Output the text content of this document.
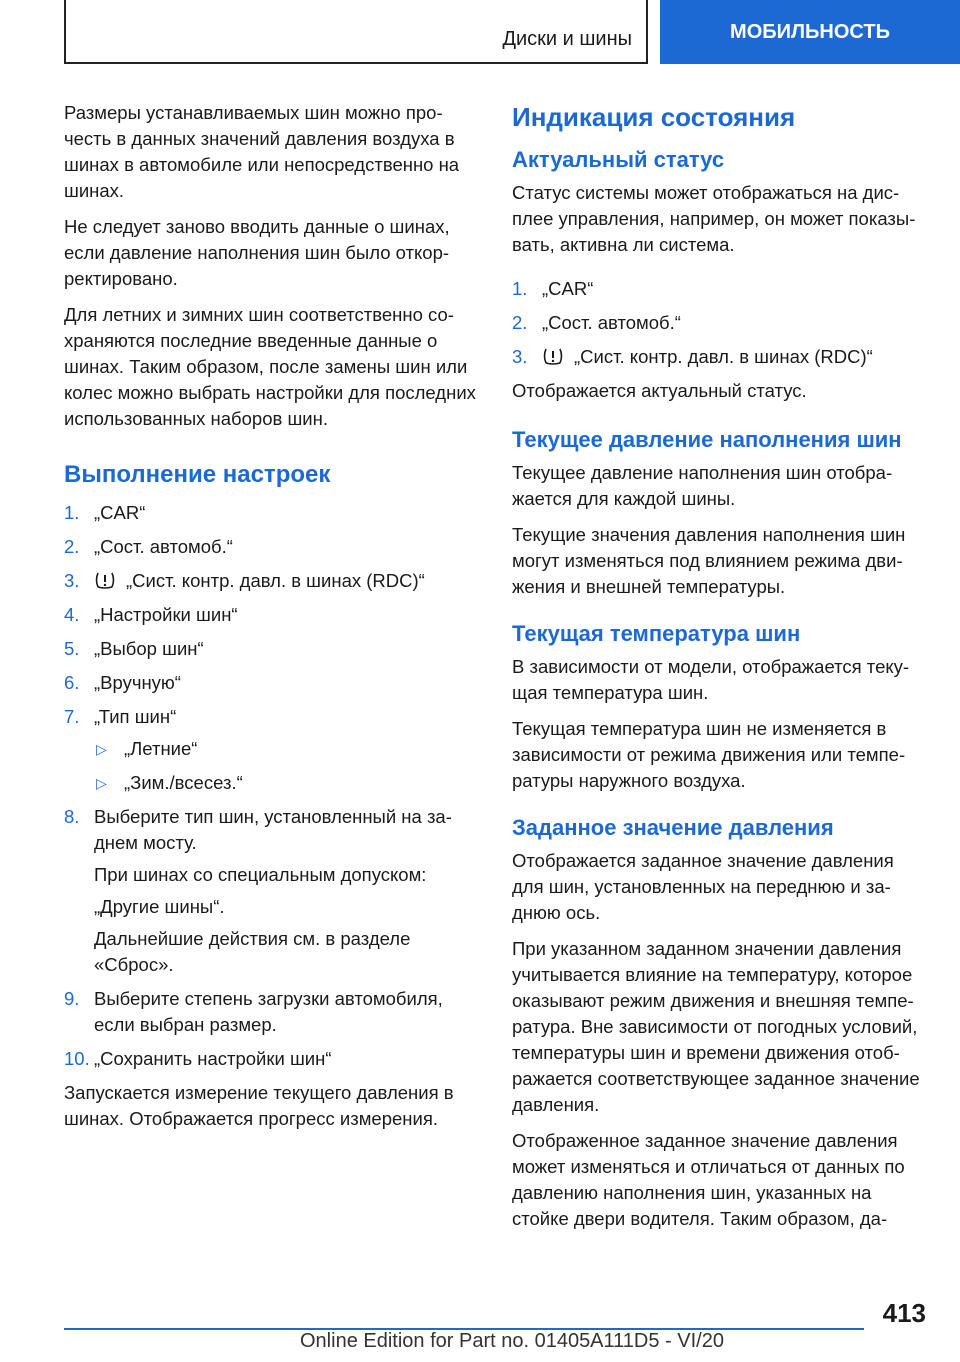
Диски и шины	МОБИЛЬНОСТЬ

Размеры устанавливаемых шин можно прочесть в данных значений давления воздуха в шинах в автомобиле или непосредственно на шинах.

Не следует заново вводить данные о шинах, если давление наполнения шин было откорректировано.

Для летних и зимних шин соответственно сохраняются последние введенные данные о шинах. Таким образом, после замены шин или колес можно выбрать настройки для последних использованных наборов шин.

Выполнение настроек
1. „CAR“
2. „Сост. автомоб.“
3.	„Сист. контр. давл. в шинах (RDC)“
4. „Настройки шин“
5. „Выбор шин“
6. „Вручную“
7. „Тип шин“
▷ „Летние“
▷ „Зим./всесез.“
8. Выберите тип шин, установленный на заднем мосту.
При шинах со специальным допуском:
„Другие шины“.
Дальнейшие действия см. в разделе «Сброс».
9. Выберите степень загрузки автомобиля, если выбран размер.
10. „Сохранить настройки шин“

Запускается измерение текущего давления в шинах. Отображается прогресс измерения.

Индикация состояния
Актуальный статус

Статус системы может отображаться на дисплее управления, например, он может показывать, активна ли система.

1. „CAR“
2. „Сост. автомоб.“
3.	„Сист. контр. давл. в шинах (RDC)“

Отображается актуальный статус.

Текущее давление наполнения шин

Текущее давление наполнения шин отображается для каждой шины.

Текущие значения давления наполнения шин могут изменяться под влиянием режима движения и внешней температуры.

Текущая температура шин

В зависимости от модели, отображается текущая температура шин.

Текущая температура шин не изменяется в зависимости от режима движения или температуры наружного воздуха.

Заданное значение давления

Отображается заданное значение давления для шин, установленных на переднюю и заднюю ось.

При указанном заданном значении давления учитывается влияние на температуру, которое оказывают режим движения и внешняя температура. Вне зависимости от погодных условий, температуры шин и времени движения отображается соответствующее заданное значение давления.

Отображенное заданное значение давления может изменяться и отличаться от данных по давлению наполнения шин, указанных на стойке двери водителя. Таким образом, да-

413
Online Edition for Part no. 01405A111D5 - VI/20
